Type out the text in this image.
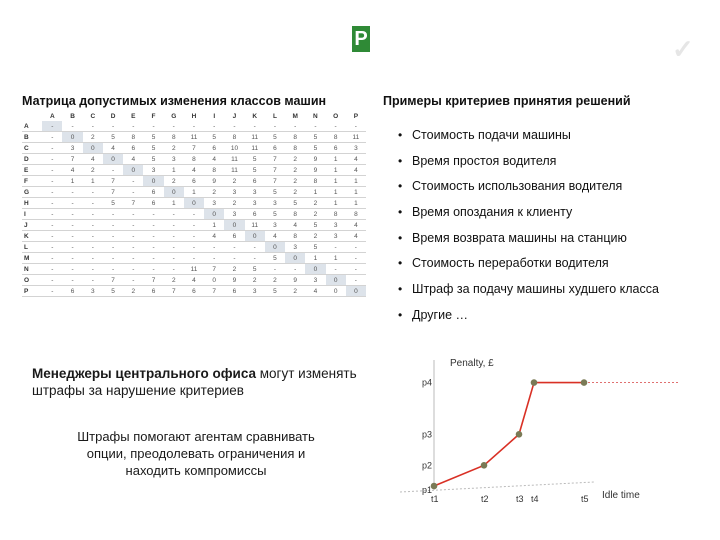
Р	✓
Матрица допустимых изменения классов машин	Примеры критериев принятия решений
	A	B	C	D	E	F	G	H	I	J	K	L	M	N	O	P
A	-	-	-	-	-	-	-	-	-	-	-	-	-	-	-	-
B	-	0	2	5	8	5	8	11	5	8	11	5	8	5	8	11
C	-	3	0	4	6	5	2	7	6	10	11	6	8	5	6	3
D	-	7	4	0	4	5	3	8	4	11	5	7	2	9	1	4
E	-	4	2	-	0	3	1	4	8	11	5	7	2	9	1	4
F	-	1	1	7	-	0	2	6	9	2	6	7	2	8	1	1
G	-	-	-	7	-	6	0	1	2	3	3	5	2	1	1	1
H	-	-	-	5	7	6	1	0	3	2	3	3	5	2	1	1
I	-	-	-	-	-	-	-	-	0	3	6	5	8	2	8	8
J	-	-	-	-	-	-	-	-	1	0	11	3	4	5	3	4
K	-	-	-	-	-	-	-	-	4	6	0	4	8	2	3	4
L	-	-	-	-	-	-	-	-	-	-	-	0	3	5	-	-
M	-	-	-	-	-	-	-	-	-	-	-	5	0	1	1	-
N	-	-	-	-	-	-	-	11	7	2	5	-	-	0	-	-
O	-	-	-	7	-	7	2	4	0	9	2	2	9	3	0	-
P	-	6	3	5	2	6	7	6	7	6	3	5	2	4	0	0
• Стоимость подачи машины
• Время простоя водителя
• Стоимость использования водителя
• Время опоздания к клиенту
• Время возврата машины на станцию
• Стоимость переработки водителя
• Штраф за подачу машины худшего класса
• Другие …
Менеджеры центрального офиса могут изменять штрафы за нарушение критериев
Штрафы помогают агентам сравнивать опции, преодолевать ограничения и находить компромиссы
Penalty, £
Idle time
t1	t2	t3 t4	t5
p1
p2
p3
p4
